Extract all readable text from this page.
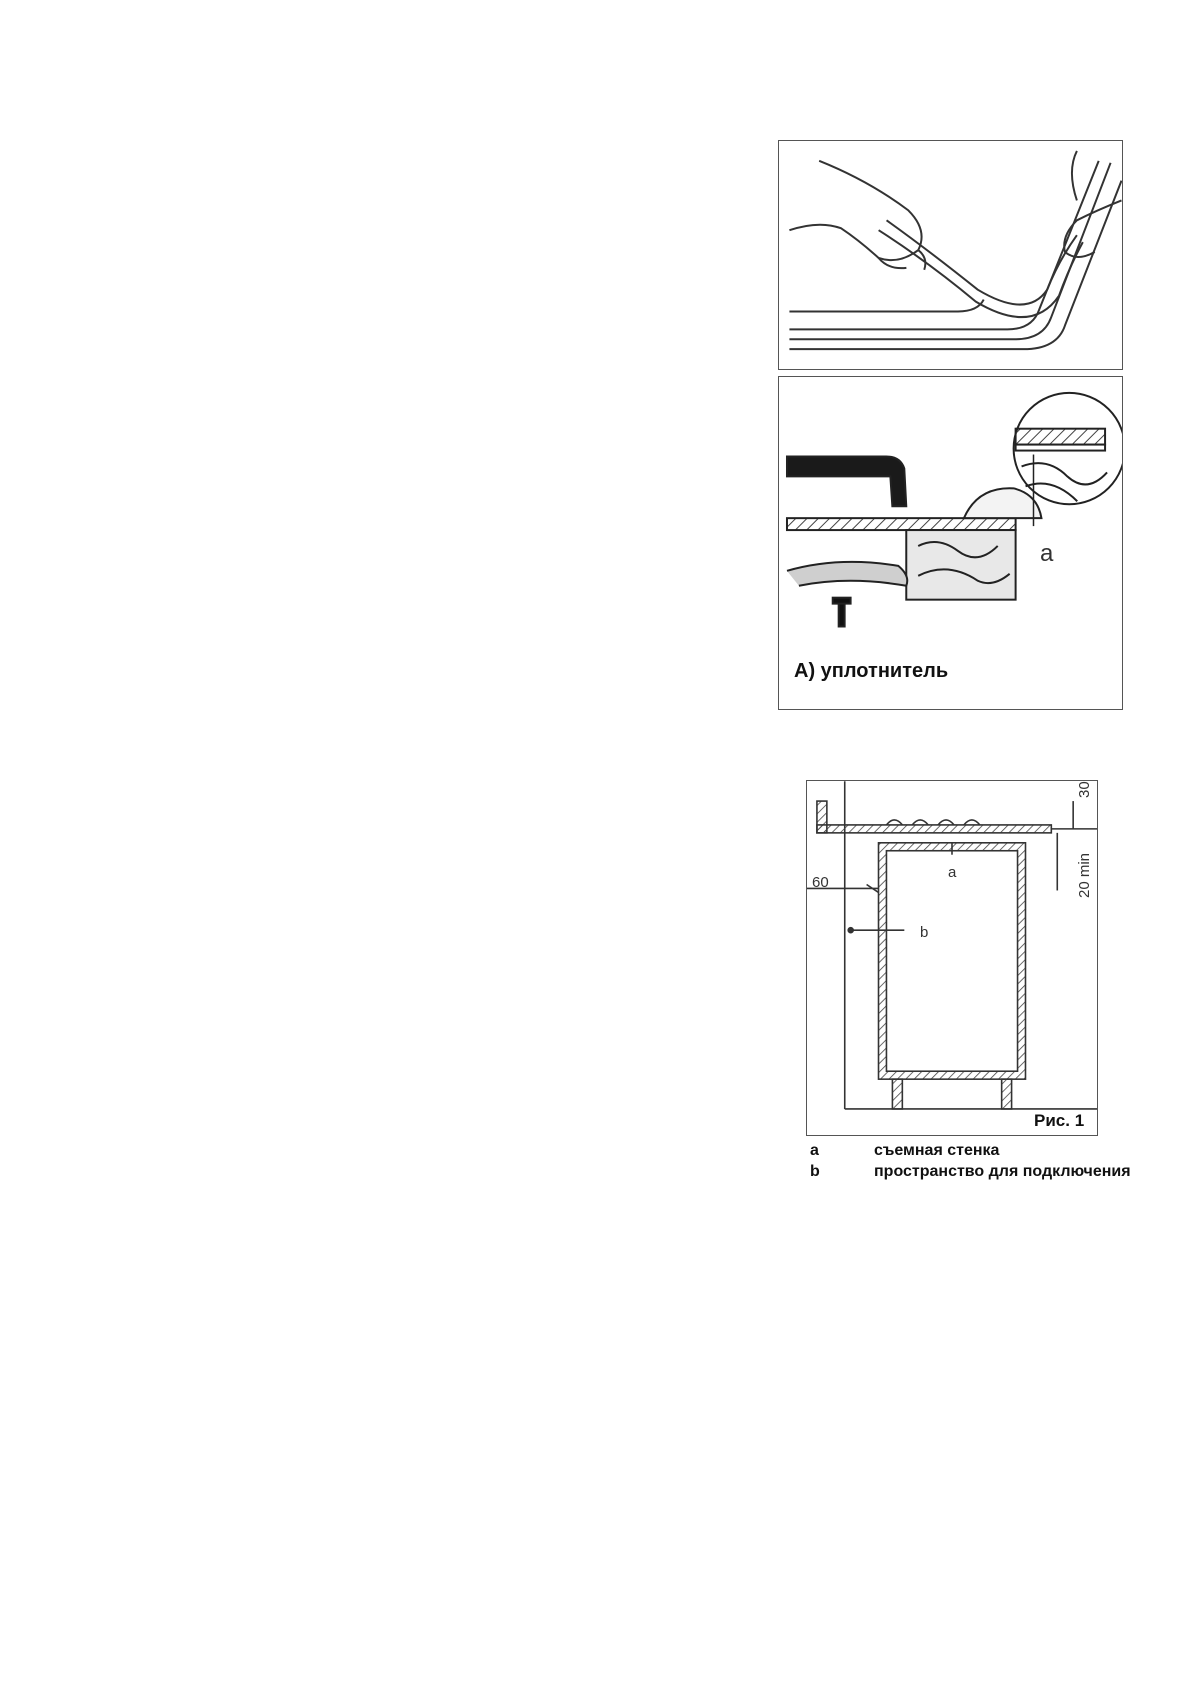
a
A) уплотнитель
30
20 min
60
a
b
Рис. 1
a	съемная стенка
b	пространство для подключения
